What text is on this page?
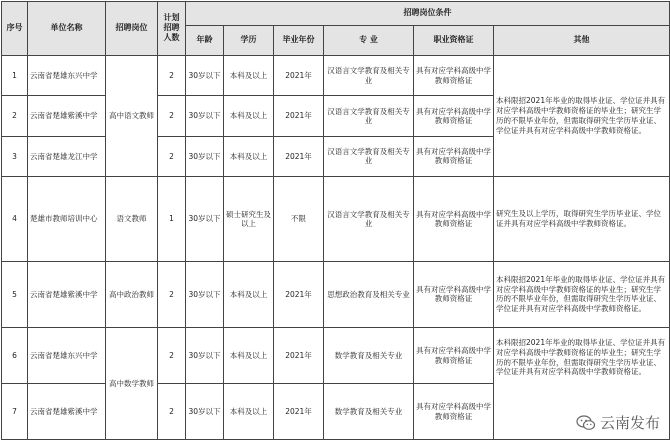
序号	单位名称	招聘岗位	计划招聘人数	招聘岗位条件					
				年龄	学历	毕业年份	专 业	职业资格证	其他
1	云南省楚雄东兴中学	高中语文教师	2	30岁以下	本科及以上	2021年	汉语言文学教育及相关专业	具有对应学科高级中学教师资格证	本科限招2021年毕业的取得毕业证、学位证并具有对应学科高级中学教师资格证的毕业生；研究生学历的不限毕业年份，但需取得研究生学历毕业证、学位证并具有对应学科高级中学教师资格证。
2	云南省楚雄紫溪中学		2	30岁以下	本科及以上	2021年	汉语言文学教育及相关专业	具有对应学科高级中学教师资格证	
3	云南省楚雄龙江中学		2	30岁以下	本科及以上	2021年	汉语言文学教育及相关专业	具有对应学科高级中学教师资格证	
4	楚雄市教师培训中心	语文教师	1	30岁以下	硕士研究生及以上	不限	汉语言文学教育及相关专业	具有对应学科高级中学教师资格证	研究生及以上学历，取得研究生学历毕业证、学位证并具有对应学科高级中学教师资格证。
5	云南省楚雄紫溪中学	高中政治教师	2	30岁以下	本科及以上	2021年	思想政治教育及相关专业	具有对应学科高级中学教师资格证	本科限招2021年毕业的取得毕业证、学位证并具有对应学科高级中学教师资格证的毕业生；研究生学历的不限毕业年份，但需取得研究生学历毕业证、学位证并具有对应学科高级中学教师资格证。
6	云南省楚雄东兴中学	高中数学教师	2	30岁以下	本科及以上	2021年	数学教育及相关专业	具有对应学科高级中学教师资格证	本科限招2021年毕业的取得毕业证、学位证并具有对应学科高级中学教师资格证的毕业生；研究生学历的不限毕业年份，但需取得研究生学历毕业证、学位证并具有对应学科高级中学教师资格证。
7	云南省楚雄紫溪中学		2	30岁以下	本科及以上	2021年	数学教育及相关专业	具有对应学科高级中学教师资格证		云南发布
